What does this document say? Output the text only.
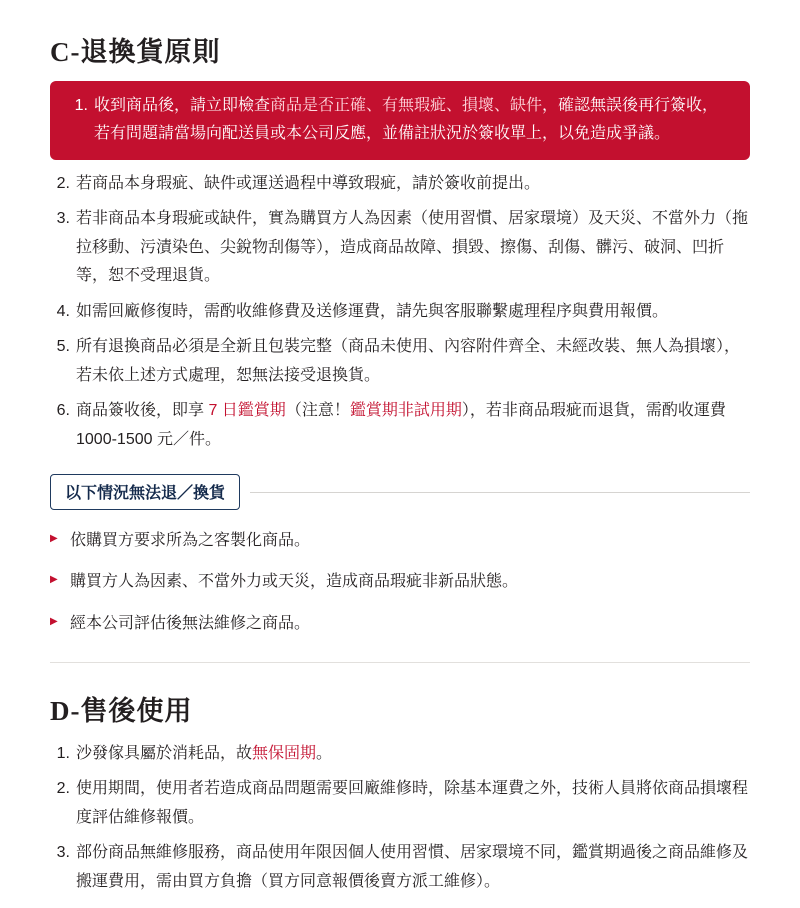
C-退換貨原則
1. 收到商品後，請立即檢查商品是否正確、有無瑕疵、損壞、缺件，確認無誤後再行簽收，若有問題請當場向配送員或本公司反應，並備註狀況於簽收單上，以免造成爭議。
2. 若商品本身瑕疵、缺件或運送過程中導致瑕疵，請於簽收前提出。
3. 若非商品本身瑕疵或缺件，實為購買方人為因素（使用習慣、居家環境）及天災、不當外力（拖拉移動、污漬染色、尖銳物刮傷等），造成商品故障、損毀、擦傷、刮傷、髒污、破洞、凹折等，恕不受理退貨。
4. 如需回廠修復時，需酌收維修費及送修運費，請先與客服聯繫處理程序與費用報價。
5. 所有退換商品必須是全新且包裝完整（商品未使用、內容附件齊全、未經改裝、無人為損壞），若未依上述方式處理，恕無法接受退換貨。
6. 商品簽收後，即享 7 日鑑賞期（注意！鑑賞期非試用期），若非商品瑕疵而退貨，需酌收運費 1000-1500 元／件。
以下情況無法退／換貨
▶ 依購買方要求所為之客製化商品。
▶ 購買方人為因素、不當外力或天災，造成商品瑕疵非新品狀態。
▶ 經本公司評估後無法維修之商品。
D-售後使用
1. 沙發傢具屬於消耗品，故無保固期。
2. 使用期間，使用者若造成商品問題需要回廠維修時，除基本運費之外，技術人員將依商品損壞程度評估維修報價。
3. 部份商品無維修服務，商品使用年限因個人使用習慣、居家環境不同，鑑賞期過後之商品維修及搬運費用，需由買方負擔（買方同意報價後賣方派工維修）。
